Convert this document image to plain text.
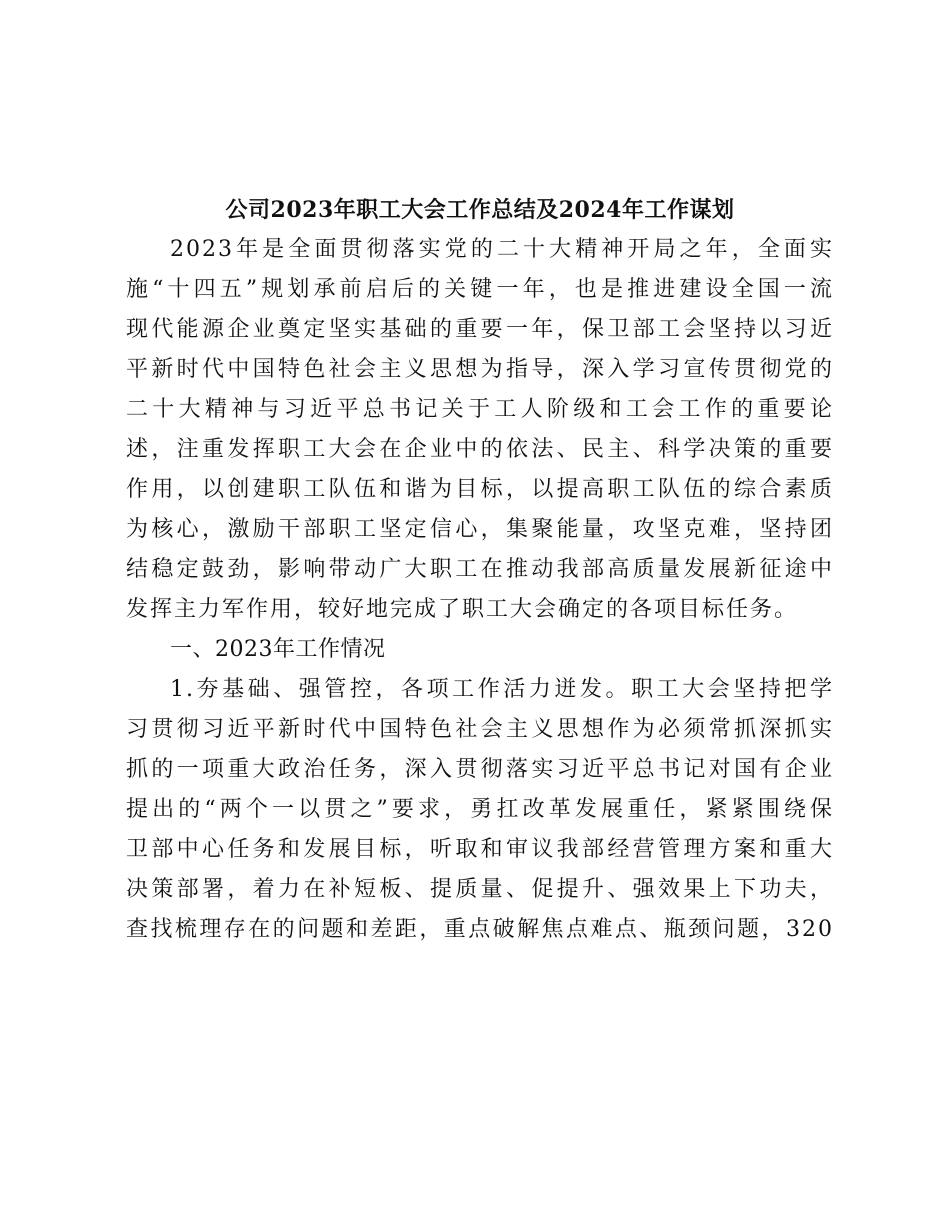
公司2023年职工大会工作总结及2024年工作谋划
2023年是全面贯彻落实党的二十大精神开局之年，全面实
施“十四五”规划承前启后的关键一年，也是推进建设全国一流
现代能源企业奠定坚实基础的重要一年，保卫部工会坚持以习近
平新时代中国特色社会主义思想为指导，深入学习宣传贯彻党的
二十大精神与习近平总书记关于工人阶级和工会工作的重要论
述，注重发挥职工大会在企业中的依法、民主、科学决策的重要
作用，以创建职工队伍和谐为目标，以提高职工队伍的综合素质
为核心，激励干部职工坚定信心，集聚能量，攻坚克难，坚持团
结稳定鼓劲，影响带动广大职工在推动我部高质量发展新征途中
发挥主力军作用，较好地完成了职工大会确定的各项目标任务。
一、2023年工作情况
1.夯基础、强管控，各项工作活力迸发。职工大会坚持把学
习贯彻习近平新时代中国特色社会主义思想作为必须常抓深抓实
抓的一项重大政治任务，深入贯彻落实习近平总书记对国有企业
提出的“两个一以贯之”要求，勇扛改革发展重任，紧紧围绕保
卫部中心任务和发展目标，听取和审议我部经营管理方案和重大
决策部署，着力在补短板、提质量、促提升、强效果上下功夫，
查找梳理存在的问题和差距，重点破解焦点难点、瓶颈问题，320
